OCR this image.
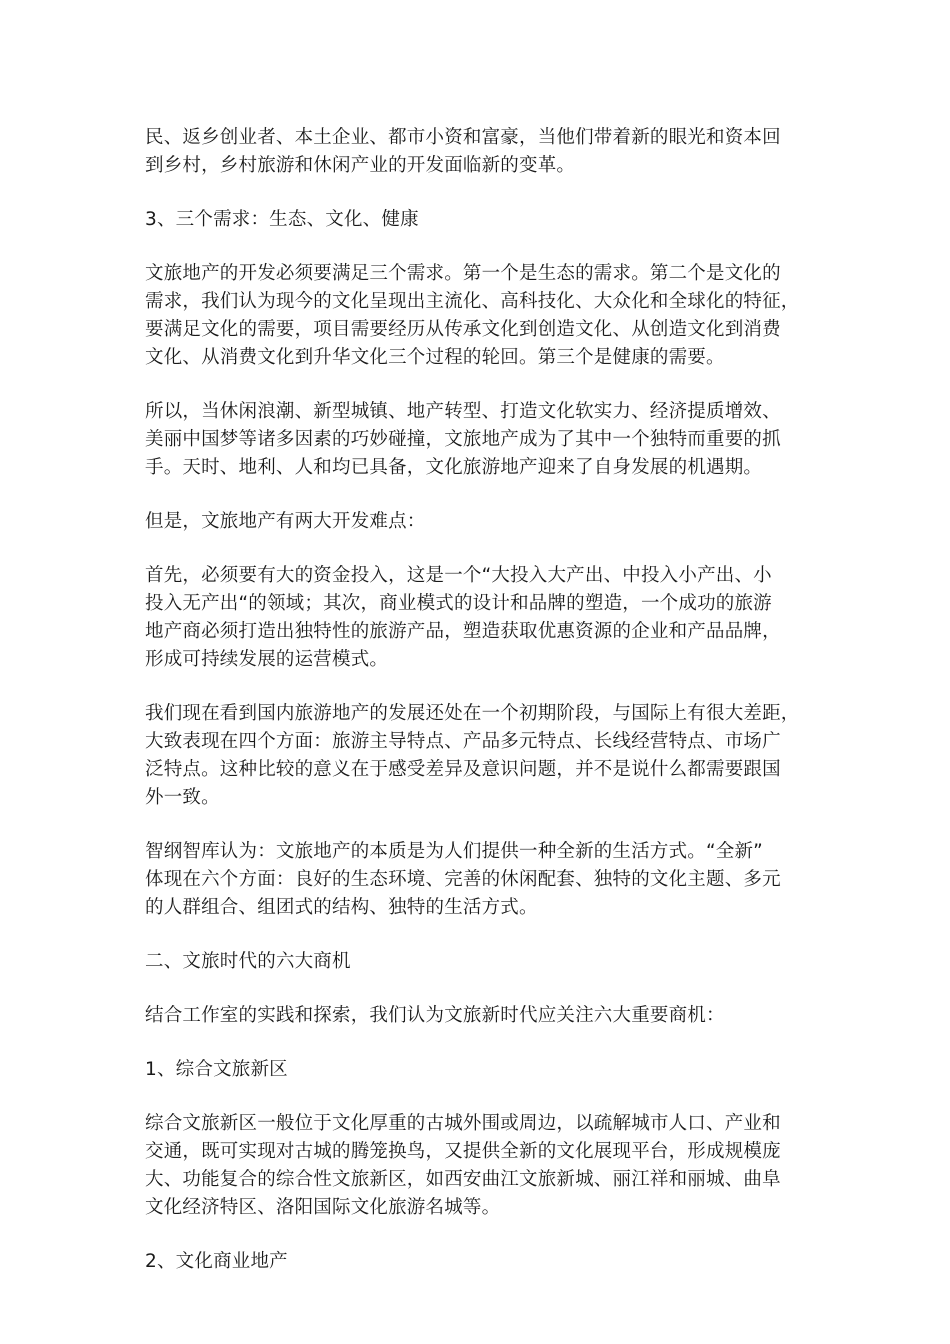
民、返乡创业者、本土企业、都市小资和富豪，当他们带着新的眼光和资本回
到乡村，乡村旅游和休闲产业的开发面临新的变革。

3、三个需求：生态、文化、健康

文旅地产的开发必须要满足三个需求。第一个是生态的需求。第二个是文化的
需求，我们认为现今的文化呈现出主流化、高科技化、大众化和全球化的特征，
要满足文化的需要，项目需要经历从传承文化到创造文化、从创造文化到消费
文化、从消费文化到升华文化三个过程的轮回。第三个是健康的需要。

所以，当休闲浪潮、新型城镇、地产转型、打造文化软实力、经济提质增效、
美丽中国梦等诸多因素的巧妙碰撞，文旅地产成为了其中一个独特而重要的抓
手。天时、地利、人和均已具备，文化旅游地产迎来了自身发展的机遇期。

但是，文旅地产有两大开发难点：

首先，必须要有大的资金投入，这是一个“大投入大产出、中投入小产出、小
投入无产出“的领域；其次，商业模式的设计和品牌的塑造，一个成功的旅游
地产商必须打造出独特性的旅游产品，塑造获取优惠资源的企业和产品品牌，
形成可持续发展的运营模式。

我们现在看到国内旅游地产的发展还处在一个初期阶段，与国际上有很大差距，
大致表现在四个方面：旅游主导特点、产品多元特点、长线经营特点、市场广
泛特点。这种比较的意义在于感受差异及意识问题，并不是说什么都需要跟国
外一致。

智纲智库认为：文旅地产的本质是为人们提供一种全新的生活方式。“全新”
体现在六个方面：良好的生态环境、完善的休闲配套、独特的文化主题、多元
的人群组合、组团式的结构、独特的生活方式。

二、文旅时代的六大商机

结合工作室的实践和探索，我们认为文旅新时代应关注六大重要商机：

1、综合文旅新区

综合文旅新区一般位于文化厚重的古城外围或周边，以疏解城市人口、产业和
交通，既可实现对古城的腾笼换鸟，又提供全新的文化展现平台，形成规模庞
大、功能复合的综合性文旅新区，如西安曲江文旅新城、丽江祥和丽城、曲阜
文化经济特区、洛阳国际文化旅游名城等。

2、文化商业地产
